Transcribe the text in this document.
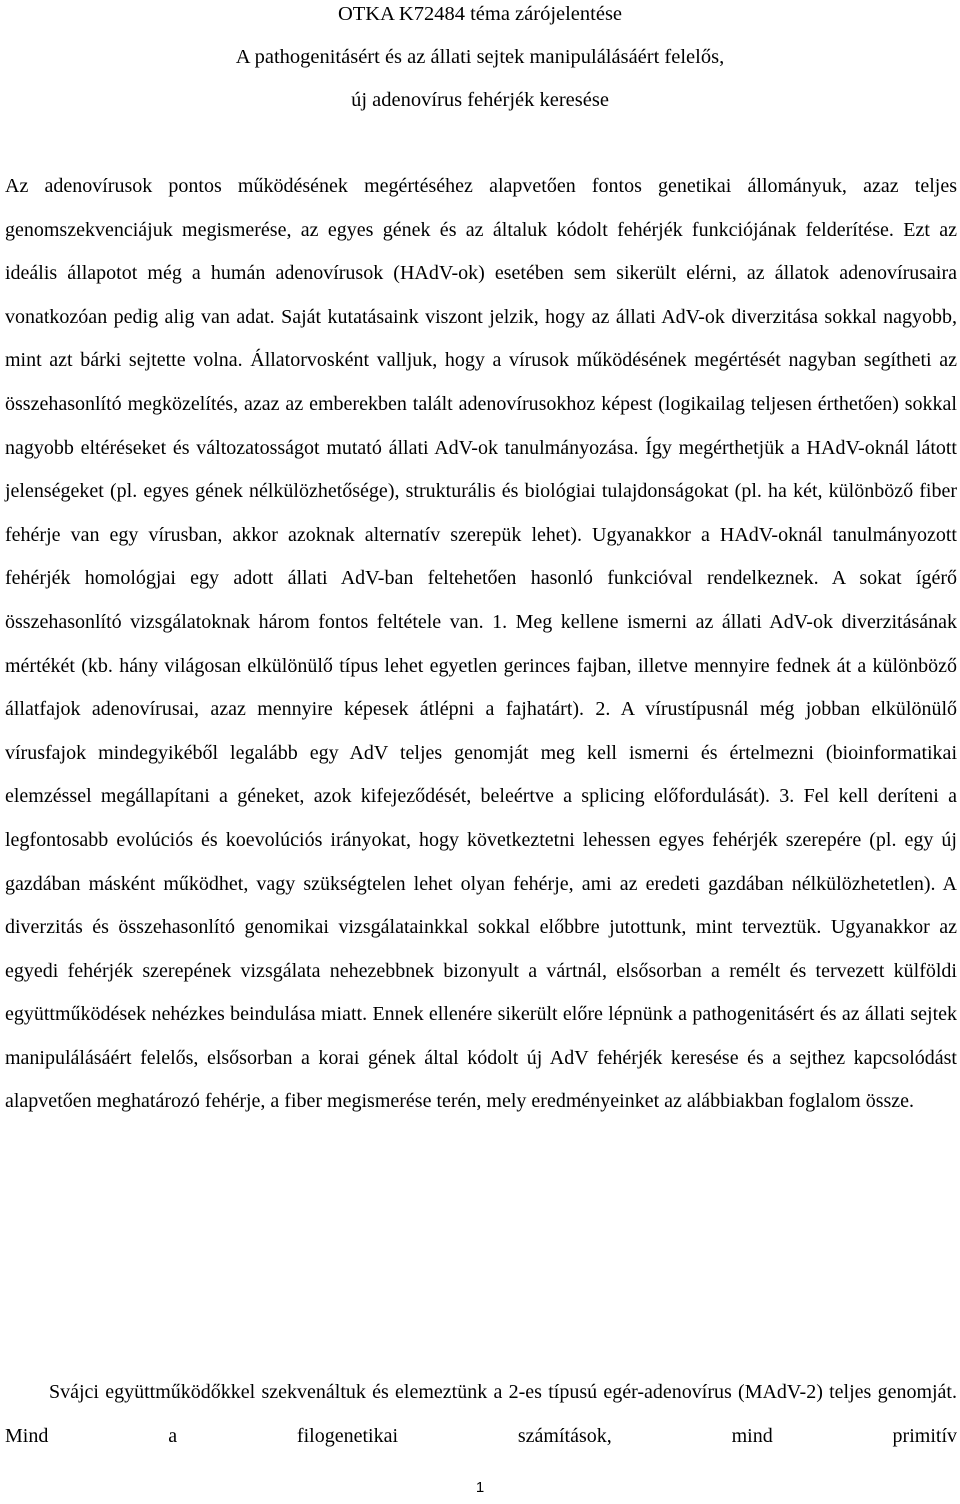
OTKA K72484 téma zárójelentése
A pathogenitásért és az állati sejtek manipulálásáért felelős,
új adenovírus fehérjék keresése

Az adenovírusok pontos működésének megértéséhez alapvetően fontos genetikai állományuk, azaz teljes genomszekvenciájuk megismerése, az egyes gének és az általuk kódolt fehérjék funkciójának felderítése. Ezt az ideális állapotot még a humán adenovírusok (HAdV-ok) esetében sem sikerült elérni, az állatok adenovírusaira vonatkozóan pedig alig van adat. Saját kutatásaink viszont jelzik, hogy az állati AdV-ok diverzitása sokkal nagyobb, mint azt bárki sejtette volna. Állatorvosként valljuk, hogy a vírusok működésének megértését nagyban segítheti az összehasonlító megközelítés, azaz az emberekben talált adenovírusokhoz képest (logikailag teljesen érthetően) sokkal nagyobb eltéréseket és változatosságot mutató állati AdV-ok tanulmányozása. Így megérthetjük a HAdV-oknál látott jelenségeket (pl. egyes gének nélkülözhetősége), strukturális és biológiai tulajdonságokat (pl. ha két, különböző fiber fehérje van egy vírusban, akkor azoknak alternatív szerepük lehet). Ugyanakkor a HAdV-oknál tanulmányozott fehérjék homológjai egy adott állati AdV-ban feltehetően hasonló funkcióval rendelkeznek. A sokat ígérő összehasonlító vizsgálatoknak három fontos feltétele van. 1. Meg kellene ismerni az állati AdV-ok diverzitásának mértékét (kb. hány világosan elkülönülő típus lehet egyetlen gerinces fajban, illetve mennyire fednek át a különböző állatfajok adenovírusai, azaz mennyire képesek átlépni a fajhatárt). 2. A vírustípusnál még jobban elkülönülő vírusfajok mindegyikéből legalább egy AdV teljes genomját meg kell ismerni és értelmezni (bioinformatikai elemzéssel megállapítani a géneket, azok kifejeződését, beleértve a splicing előfordulását). 3. Fel kell deríteni a legfontosabb evolúciós és koevolúciós irányokat, hogy következtetni lehessen egyes fehérjék szerepére (pl. egy új gazdában másként működhet, vagy szükségtelen lehet olyan fehérje, ami az eredeti gazdában nélkülözhetetlen). A diverzitás és összehasonlító genomikai vizsgálatainkkal sokkal előbbre jutottunk, mint terveztük. Ugyanakkor az egyedi fehérjék szerepének vizsgálata nehezebbnek bizonyult a vártnál, elsősorban a remélt és tervezett külföldi együttműködések nehézkes beindulása miatt. Ennek ellenére sikerült előre lépnünk a pathogenitásért és az állati sejtek manipulálásáért felelős, elsősorban a korai gének által kódolt új AdV fehérjék keresése és a sejthez kapcsolódást alapvetően meghatározó fehérje, a fiber megismerése terén, mely eredményeinket az alábbiakban foglalom össze.

Svájci együttműködőkkel szekvenáltuk és elemeztünk a 2-es típusú egér-adenovírus (MAdV-2) teljes genomját. Mind a filogenetikai számítások, mind primitív

1
